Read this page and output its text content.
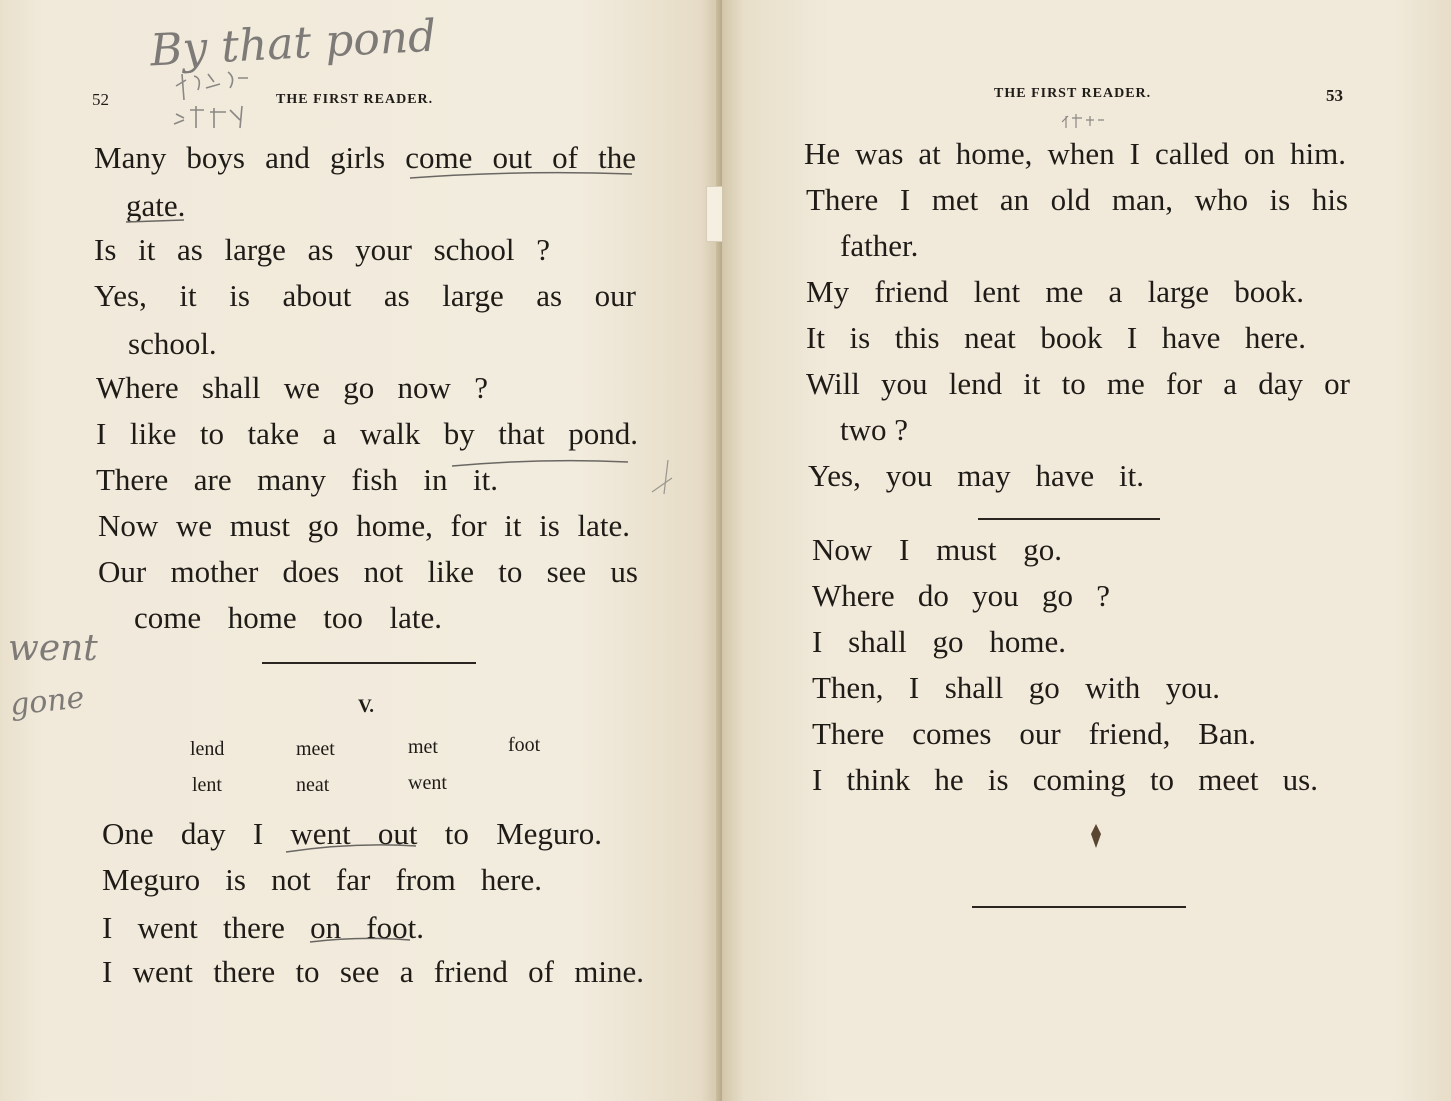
52	THE FIRST READER.
By that pond
Many boys and girls come out of the
gate.
Is it as large as your school ?
Yes, it is about as large as our
school.
Where shall we go now ?
I like to take a walk by that pond.
There are many fish in it.
Now we must go home, for it is late.
Our mother does not like to see us
come home too late.
went
gone	V.
lend	meet	met	foot
lent	neat	went
One day I went out to Meguro.
Meguro is not far from here.
I went there on foot.
I went there to see a friend of mine.
THE FIRST READER.	53
He was at home, when I called on him.
There I met an old man, who is his
father.
My friend lent me a large book.
It is this neat book I have here.
Will you lend it to me for a day or
two ?
Yes, you may have it.
Now I must go.
Where do you go ?
I shall go home.
Then, I shall go with you.
There comes our friend, Ban.
I think he is coming to meet us.
